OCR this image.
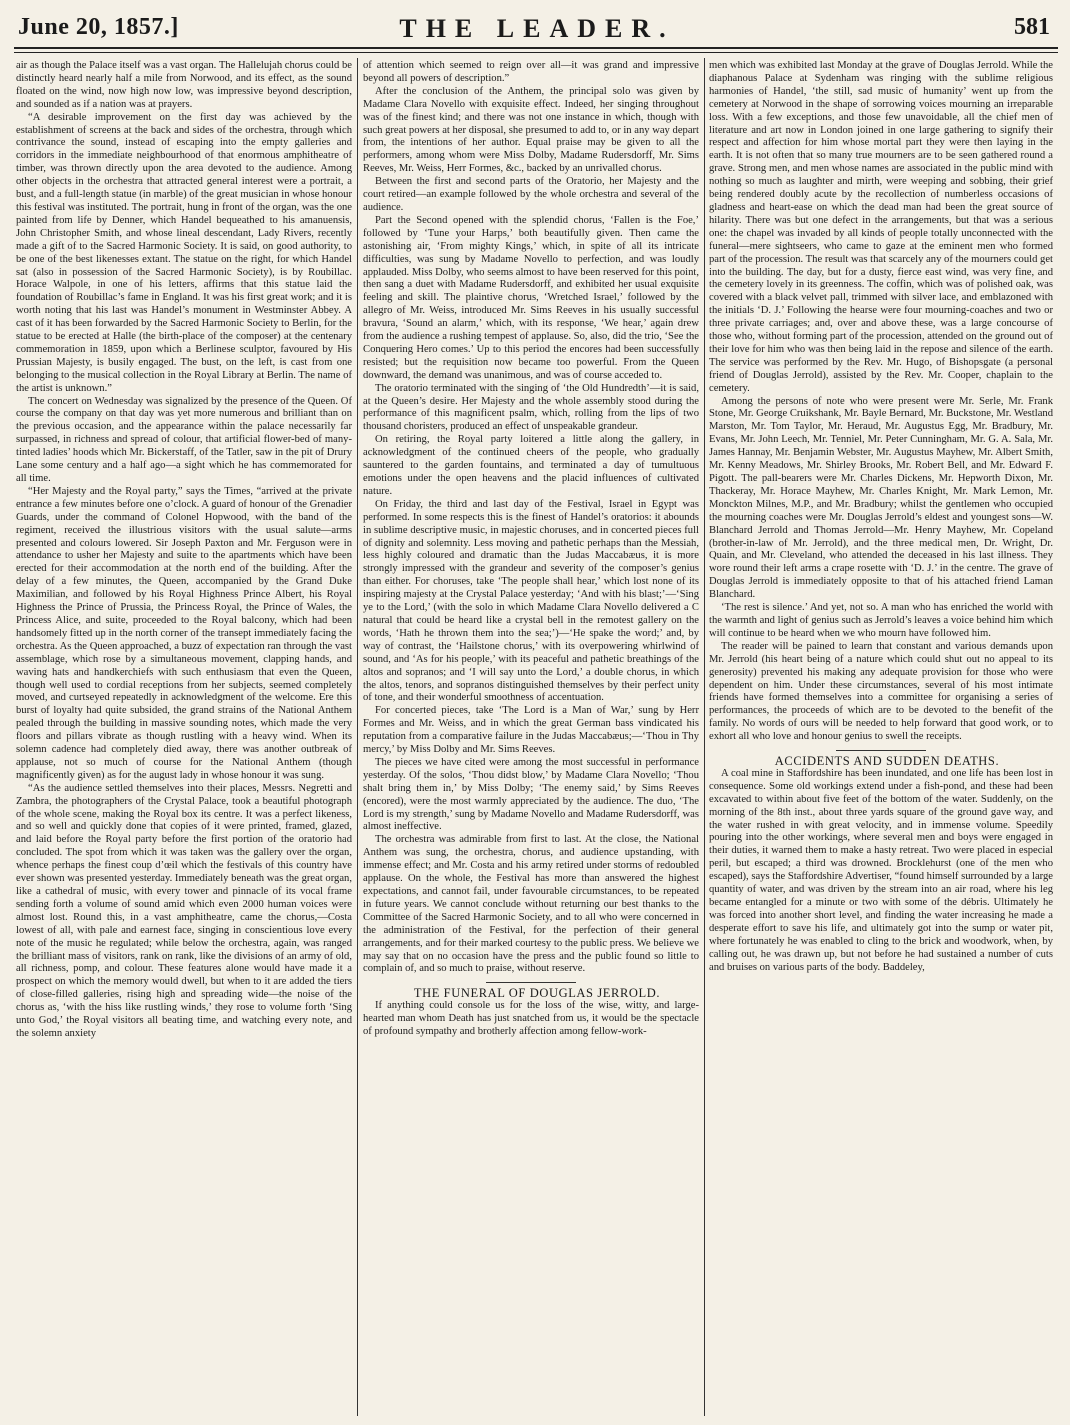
June 20, 1857.]	THE LEADER.	581

air as though the Palace itself was a vast organ. The Hallelujah chorus could be distinctly heard nearly half a mile from Norwood, and its effect, as the sound floated on the wind, now high now low, was impressive beyond description, and sounded as if a nation was at prayers.

“A desirable improvement on the first day was achieved by the establishment of screens at the back and sides of the orchestra, through which contrivance the sound, instead of escaping into the empty galleries and corridors in the immediate neighbourhood of that enormous amphitheatre of timber, was thrown directly upon the area devoted to the audience. Among other objects in the orchestra that attracted general interest were a portrait, a bust, and a full-length statue (in marble) of the great musician in whose honour this festival was instituted. The portrait, hung in front of the organ, was the one painted from life by Denner, which Handel bequeathed to his amanuensis, John Christopher Smith, and whose lineal descendant, Lady Rivers, recently made a gift of to the Sacred Harmonic Society. It is said, on good authority, to be one of the best likenesses extant. The statue on the right, for which Handel sat (also in possession of the Sacred Harmonic Society), is by Roubillac. Horace Walpole, in one of his letters, affirms that this statue laid the foundation of Roubillac’s fame in England. It was his first great work; and it is worth noting that his last was Handel’s monument in Westminster Abbey. A cast of it has been forwarded by the Sacred Harmonic Society to Berlin, for the statue to be erected at Halle (the birth-place of the composer) at the centenary commemoration in 1859, upon which a Berlinese sculptor, favoured by His Prussian Majesty, is busily engaged. The bust, on the left, is cast from one belonging to the musical collection in the Royal Library at Berlin. The name of the artist is unknown.”

The concert on Wednesday was signalized by the presence of the Queen. Of course the company on that day was yet more numerous and brilliant than on the previous occasion, and the appearance within the palace necessarily far surpassed, in richness and spread of colour, that artificial flower-bed of many-tinted ladies’ hoods which Mr. Bickerstaff, of the Tatler, saw in the pit of Drury Lane some century and a half ago—a sight which he has commemorated for all time.

“Her Majesty and the Royal party,” says the Times, “arrived at the private entrance a few minutes before one o’clock. A guard of honour of the Grenadier Guards, under the command of Colonel Hopwood, with the band of the regiment, received the illustrious visitors with the usual salute—arms presented and colours lowered. Sir Joseph Paxton and Mr. Ferguson were in attendance to usher her Majesty and suite to the apartments which have been erected for their accommodation at the north end of the building. After the delay of a few minutes, the Queen, accompanied by the Grand Duke Maximilian, and followed by his Royal Highness Prince Albert, his Royal Highness the Prince of Prussia, the Princess Royal, the Prince of Wales, the Princess Alice, and suite, proceeded to the Royal balcony, which had been handsomely fitted up in the north corner of the transept immediately facing the orchestra. As the Queen approached, a buzz of expectation ran through the vast assemblage, which rose by a simultaneous movement, clapping hands, and waving hats and handkerchiefs with such enthusiasm that even the Queen, though well used to cordial receptions from her subjects, seemed completely moved, and curtseyed repeatedly in acknowledgment of the welcome. Ere this burst of loyalty had quite subsided, the grand strains of the National Anthem pealed through the building in massive sounding notes, which made the very floors and pillars vibrate as though rustling with a heavy wind. When its solemn cadence had completely died away, there was another outbreak of applause, not so much of course for the National Anthem (though magnificently given) as for the august lady in whose honour it was sung.

“As the audience settled themselves into their places, Messrs. Negretti and Zambra, the photographers of the Crystal Palace, took a beautiful photograph of the whole scene, making the Royal box its centre. It was a perfect likeness, and so well and quickly done that copies of it were printed, framed, glazed, and laid before the Royal party before the first portion of the oratorio had concluded. The spot from which it was taken was the gallery over the organ, whence perhaps the finest coup d’œil which the festivals of this country have ever shown was presented yesterday. Immediately beneath was the great organ, like a cathedral of music, with every tower and pinnacle of its vocal frame sending forth a volume of sound amid which even 2000 human voices were almost lost. Round this, in a vast amphitheatre, came the chorus,—Costa lowest of all, with pale and earnest face, singing in conscientious love every note of the music he regulated; while below the orchestra, again, was ranged the brilliant mass of visitors, rank on rank, like the divisions of an army of old, all richness, pomp, and colour. These features alone would have made it a prospect on which the memory would dwell, but when to it are added the tiers of close-filled galleries, rising high and spreading wide—the noise of the chorus as, ‘with the hiss like rustling winds,’ they rose to volume forth ‘Sing unto God,’ the Royal visitors all beating time, and watching every note, and the solemn anxiety

of attention which seemed to reign over all—it was grand and impressive beyond all powers of description.”

After the conclusion of the Anthem, the principal solo was given by Madame Clara Novello with exquisite effect. Indeed, her singing throughout was of the finest kind; and there was not one instance in which, though with such great powers at her disposal, she presumed to add to, or in any way depart from, the intentions of her author. Equal praise may be given to all the performers, among whom were Miss Dolby, Madame Rudersdorff, Mr. Sims Reeves, Mr. Weiss, Herr Formes, &c., backed by an unrivalled chorus.

Between the first and second parts of the Oratorio, her Majesty and the court retired—an example followed by the whole orchestra and several of the audience.

Part the Second opened with the splendid chorus, ‘Fallen is the Foe,’ followed by ‘Tune your Harps,’ both beautifully given. Then came the astonishing air, ‘From mighty Kings,’ which, in spite of all its intricate difficulties, was sung by Madame Novello to perfection, and was loudly applauded. Miss Dolby, who seems almost to have been reserved for this point, then sang a duet with Madame Rudersdorff, and exhibited her usual exquisite feeling and skill. The plaintive chorus, ‘Wretched Israel,’ followed by the allegro of Mr. Weiss, introduced Mr. Sims Reeves in his usually successful bravura, ‘Sound an alarm,’ which, with its response, ‘We hear,’ again drew from the audience a rushing tempest of applause. So, also, did the trio, ‘See the Conquering Hero comes.’ Up to this period the encores had been successfully resisted; but the requisition now became too powerful. From the Queen downward, the demand was unanimous, and was of course acceded to.

The oratorio terminated with the singing of ‘the Old Hundredth’—it is said, at the Queen’s desire. Her Majesty and the whole assembly stood during the performance of this magnificent psalm, which, rolling from the lips of two thousand choristers, produced an effect of unspeakable grandeur.

On retiring, the Royal party loitered a little along the gallery, in acknowledgment of the continued cheers of the people, who gradually sauntered to the garden fountains, and terminated a day of tumultuous emotions under the open heavens and the placid influences of cultivated nature.

On Friday, the third and last day of the Festival, Israel in Egypt was performed. In some respects this is the finest of Handel’s oratorios: it abounds in sublime descriptive music, in majestic choruses, and in concerted pieces full of dignity and solemnity. Less moving and pathetic perhaps than the Messiah, less highly coloured and dramatic than the Judas Maccabæus, it is more strongly impressed with the grandeur and severity of the composer’s genius than either. For choruses, take ‘The people shall hear,’ which lost none of its inspiring majesty at the Crystal Palace yesterday; ‘And with his blast;’—‘Sing ye to the Lord,’ (with the solo in which Madame Clara Novello delivered a C natural that could be heard like a crystal bell in the remotest gallery on the words, ‘Hath he thrown them into the sea;’)—‘He spake the word;’ and, by way of contrast, the ‘Hailstone chorus,’ with its overpowering whirlwind of sound, and ‘As for his people,’ with its peaceful and pathetic breathings of the altos and sopranos; and ‘I will say unto the Lord,’ a double chorus, in which the altos, tenors, and sopranos distinguished themselves by their perfect unity of tone, and their wonderful smoothness of accentuation.

For concerted pieces, take ‘The Lord is a Man of War,’ sung by Herr Formes and Mr. Weiss, and in which the great German bass vindicated his reputation from a comparative failure in the Judas Maccabæus;—‘Thou in Thy mercy,’ by Miss Dolby and Mr. Sims Reeves.

The pieces we have cited were among the most successful in performance yesterday. Of the solos, ‘Thou didst blow,’ by Madame Clara Novello; ‘Thou shalt bring them in,’ by Miss Dolby; ‘The enemy said,’ by Sims Reeves (encored), were the most warmly appreciated by the audience. The duo, ‘The Lord is my strength,’ sung by Madame Novello and Madame Rudersdorff, was almost ineffective.

The orchestra was admirable from first to last. At the close, the National Anthem was sung, the orchestra, chorus, and audience upstanding, with immense effect; and Mr. Costa and his army retired under storms of redoubled applause. On the whole, the Festival has more than answered the highest expectations, and cannot fail, under favourable circumstances, to be repeated in future years. We cannot conclude without returning our best thanks to the Committee of the Sacred Harmonic Society, and to all who were concerned in the administration of the Festival, for the perfection of their general arrangements, and for their marked courtesy to the public press. We believe we may say that on no occasion have the press and the public found so little to complain of, and so much to praise, without reserve.

THE FUNERAL OF DOUGLAS JERROLD.

If anything could console us for the loss of the wise, witty, and large-hearted man whom Death has just snatched from us, it would be the spectacle of profound sympathy and brotherly affection among fellow-work-

men which was exhibited last Monday at the grave of Douglas Jerrold. While the diaphanous Palace at Sydenham was ringing with the sublime religious harmonies of Handel, ‘the still, sad music of humanity’ went up from the cemetery at Norwood in the shape of sorrowing voices mourning an irreparable loss. With a few exceptions, and those few unavoidable, all the chief men of literature and art now in London joined in one large gathering to signify their respect and affection for him whose mortal part they were then laying in the earth. It is not often that so many true mourners are to be seen gathered round a grave. Strong men, and men whose names are associated in the public mind with nothing so much as laughter and mirth, were weeping and sobbing, their grief being rendered doubly acute by the recollection of numberless occasions of gladness and heart-ease on which the dead man had been the great source of hilarity. There was but one defect in the arrangements, but that was a serious one: the chapel was invaded by all kinds of people totally unconnected with the funeral—mere sightseers, who came to gaze at the eminent men who formed part of the procession. The result was that scarcely any of the mourners could get into the building. The day, but for a dusty, fierce east wind, was very fine, and the cemetery lovely in its greenness. The coffin, which was of polished oak, was covered with a black velvet pall, trimmed with silver lace, and emblazoned with the initials ‘D. J.’ Following the hearse were four mourning-coaches and two or three private carriages; and, over and above these, was a large concourse of those who, without forming part of the procession, attended on the ground out of their love for him who was then being laid in the repose and silence of the earth. The service was performed by the Rev. Mr. Hugo, of Bishopsgate (a personal friend of Douglas Jerrold), assisted by the Rev. Mr. Cooper, chaplain to the cemetery.

Among the persons of note who were present were Mr. Serle, Mr. Frank Stone, Mr. George Cruikshank, Mr. Bayle Bernard, Mr. Buckstone, Mr. Westland Marston, Mr. Tom Taylor, Mr. Heraud, Mr. Augustus Egg, Mr. Bradbury, Mr. Evans, Mr. John Leech, Mr. Tenniel, Mr. Peter Cunningham, Mr. G. A. Sala, Mr. James Hannay, Mr. Benjamin Webster, Mr. Augustus Mayhew, Mr. Albert Smith, Mr. Kenny Meadows, Mr. Shirley Brooks, Mr. Robert Bell, and Mr. Edward F. Pigott. The pall-bearers were Mr. Charles Dickens, Mr. Hepworth Dixon, Mr. Thackeray, Mr. Horace Mayhew, Mr. Charles Knight, Mr. Mark Lemon, Mr. Monckton Milnes, M.P., and Mr. Bradbury; whilst the gentlemen who occupied the mourning coaches were Mr. Douglas Jerrold’s eldest and youngest sons—W. Blanchard Jerrold and Thomas Jerrold—Mr. Henry Mayhew, Mr. Copeland (brother-in-law of Mr. Jerrold), and the three medical men, Dr. Wright, Dr. Quain, and Mr. Cleveland, who attended the deceased in his last illness. They wore round their left arms a crape rosette with ‘D. J.’ in the centre. The grave of Douglas Jerrold is immediately opposite to that of his attached friend Laman Blanchard.

‘The rest is silence.’ And yet, not so. A man who has enriched the world with the warmth and light of genius such as Jerrold’s leaves a voice behind him which will continue to be heard when we who mourn have followed him.

The reader will be pained to learn that constant and various demands upon Mr. Jerrold (his heart being of a nature which could shut out no appeal to its generosity) prevented his making any adequate provision for those who were dependent on him. Under these circumstances, several of his most intimate friends have formed themselves into a committee for organising a series of performances, the proceeds of which are to be devoted to the benefit of the family. No words of ours will be needed to help forward that good work, or to exhort all who love and honour genius to swell the receipts.

ACCIDENTS AND SUDDEN DEATHS.

A coal mine in Staffordshire has been inundated, and one life has been lost in consequence. Some old workings extend under a fish-pond, and these had been excavated to within about five feet of the bottom of the water. Suddenly, on the morning of the 8th inst., about three yards square of the ground gave way, and the water rushed in with great velocity, and in immense volume. Speedily pouring into the other workings, where several men and boys were engaged in their duties, it warned them to make a hasty retreat. Two were placed in especial peril, but escaped; a third was drowned. Brocklehurst (one of the men who escaped), says the Staffordshire Advertiser, “found himself surrounded by a large quantity of water, and was driven by the stream into an air road, where his leg became entangled for a minute or two with some of the débris. Ultimately he was forced into another short level, and finding the water increasing he made a desperate effort to save his life, and ultimately got into the sump or water pit, where fortunately he was enabled to cling to the brick and woodwork, when, by calling out, he was drawn up, but not before he had sustained a number of cuts and bruises on various parts of the body. Baddeley,
